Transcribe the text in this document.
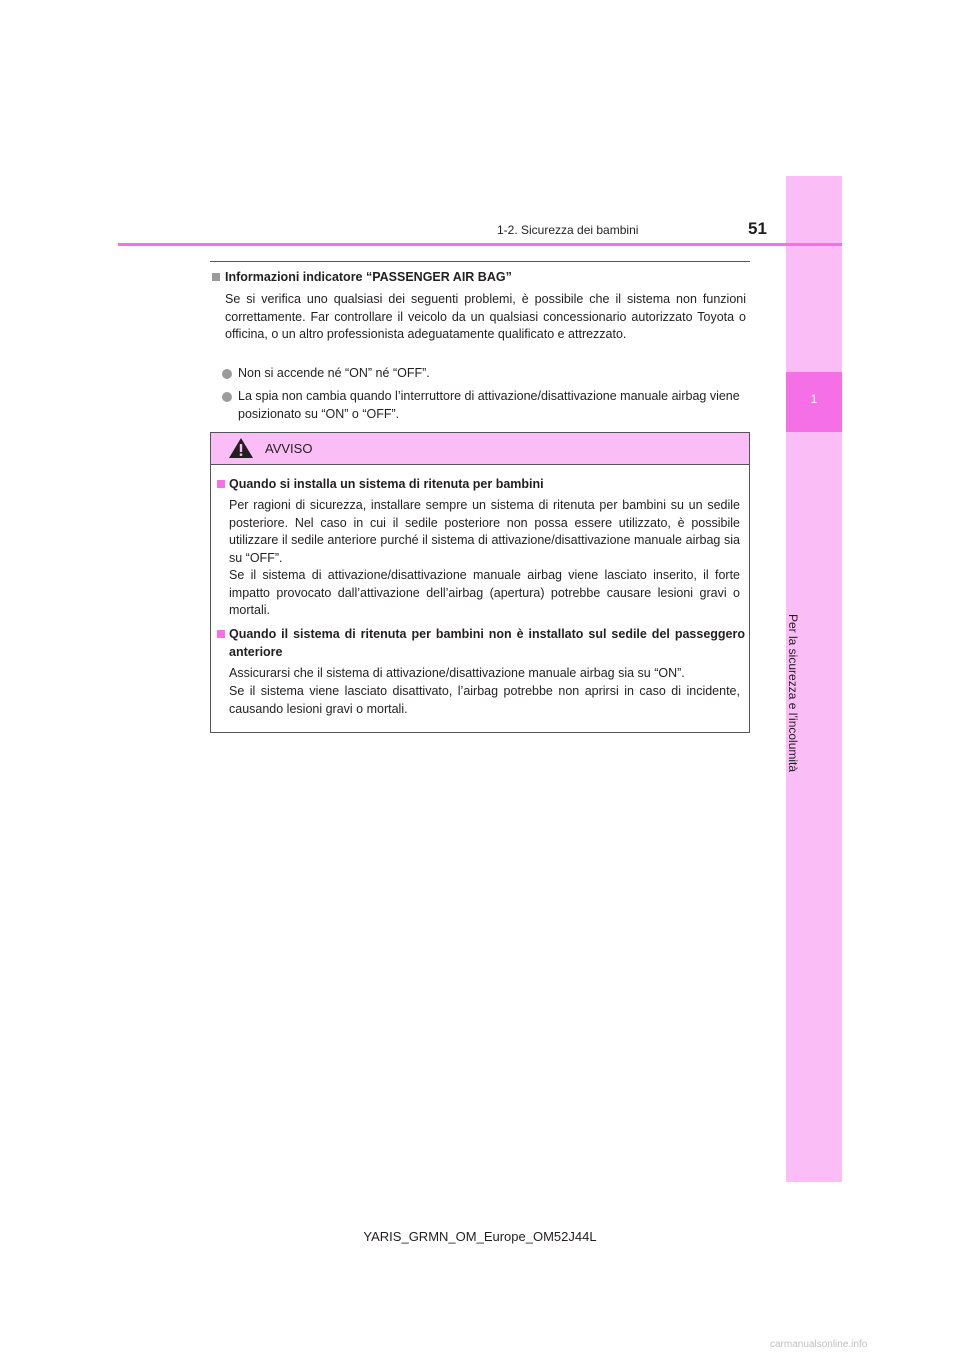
1
Per la sicurezza e l’incolumità
1-2. Sicurezza dei bambini	51
Informazioni indicatore “PASSENGER AIR BAG”
Se si verifica uno qualsiasi dei seguenti problemi, è possibile che il sistema non funzioni correttamente. Far controllare il veicolo da un qualsiasi concessionario autorizzato Toyota o officina, o un altro professionista adeguatamente qualificato e attrezzato.
Non si accende né “ON” né “OFF”.
La spia non cambia quando l’interruttore di attivazione/disattivazione manuale airbag viene posizionato su “ON” o “OFF”.
AVVISO
Quando si installa un sistema di ritenuta per bambini
Per ragioni di sicurezza, installare sempre un sistema di ritenuta per bambini su un sedile posteriore. Nel caso in cui il sedile posteriore non possa essere utilizzato, è possibile utilizzare il sedile anteriore purché il sistema di attivazione/disattivazione manuale airbag sia su “OFF”.
Se il sistema di attivazione/disattivazione manuale airbag viene lasciato inserito, il forte impatto provocato dall’attivazione dell’airbag (apertura) potrebbe causare lesioni gravi o mortali.
Quando il sistema di ritenuta per bambini non è installato sul sedile del passeggero anteriore
Assicurarsi che il sistema di attivazione/disattivazione manuale airbag sia su “ON”.
Se il sistema viene lasciato disattivato, l’airbag potrebbe non aprirsi in caso di incidente, causando lesioni gravi o mortali.
YARIS_GRMN_OM_Europe_OM52J44L
carmanualsonline.info
